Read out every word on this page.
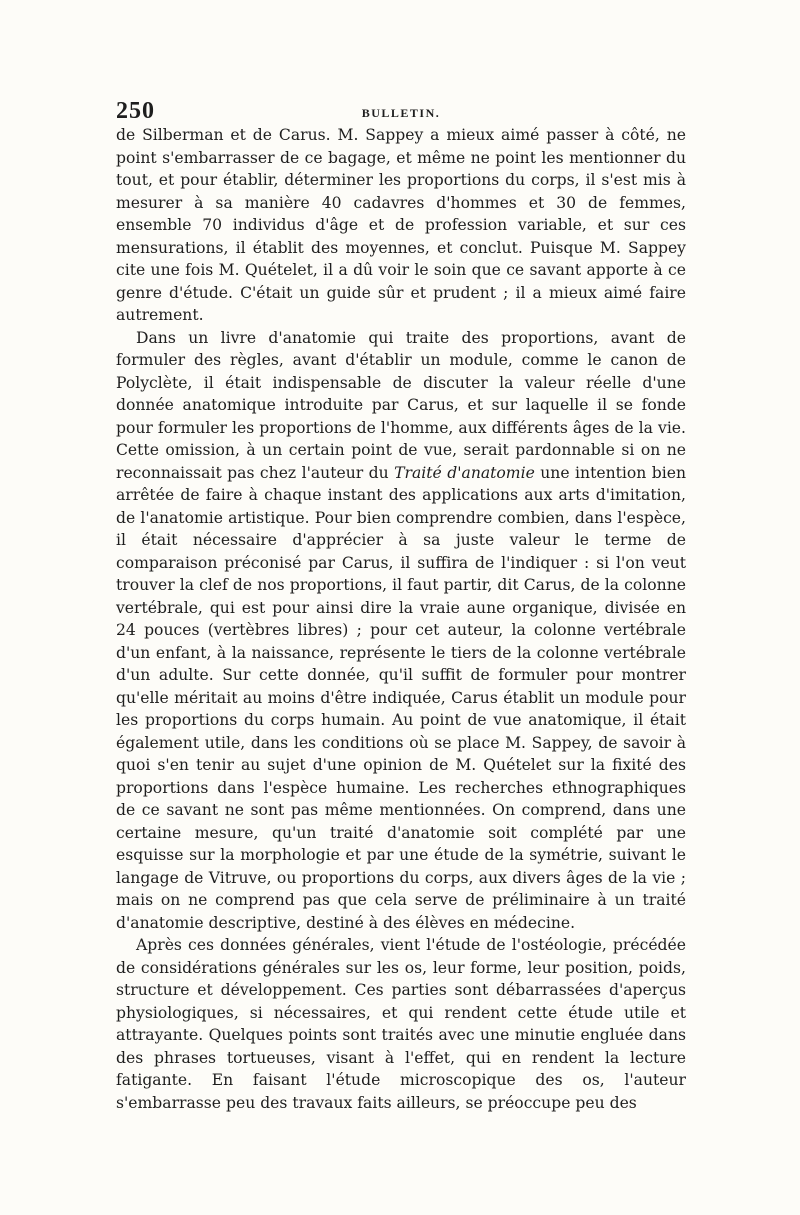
250	BULLETIN.

de Silberman et de Carus. M. Sappey a mieux aimé passer à côté, ne point s'embarrasser de ce bagage, et même ne point les mentionner du tout, et pour établir, déterminer les proportions du corps, il s'est mis à mesurer à sa manière 40 cadavres d'hommes et 30 de femmes, ensemble 70 individus d'âge et de profession variable, et sur ces mensurations, il établit des moyennes, et conclut. Puisque M. Sappey cite une fois M. Quételet, il a dû voir le soin que ce savant apporte à ce genre d'étude. C'était un guide sûr et prudent ; il a mieux aimé faire autrement.

Dans un livre d'anatomie qui traite des proportions, avant de formuler des règles, avant d'établir un module, comme le canon de Polyclète, il était indispensable de discuter la valeur réelle d'une donnée anatomique introduite par Carus, et sur laquelle il se fonde pour formuler les proportions de l'homme, aux différents âges de la vie. Cette omission, à un certain point de vue, serait pardonnable si on ne reconnaissait pas chez l'auteur du Traité d'anatomie une intention bien arrêtée de faire à chaque instant des applications aux arts d'imitation, de l'anatomie artistique. Pour bien comprendre combien, dans l'espèce, il était nécessaire d'apprécier à sa juste valeur le terme de comparaison préconisé par Carus, il suffira de l'indiquer : si l'on veut trouver la clef de nos proportions, il faut partir, dit Carus, de la colonne vertébrale, qui est pour ainsi dire la vraie aune organique, divisée en 24 pouces (vertèbres libres) ; pour cet auteur, la colonne vertébrale d'un enfant, à la naissance, représente le tiers de la colonne vertébrale d'un adulte. Sur cette donnée, qu'il suffit de formuler pour montrer qu'elle méritait au moins d'être indiquée, Carus établit un module pour les proportions du corps humain. Au point de vue anatomique, il était également utile, dans les conditions où se place M. Sappey, de savoir à quoi s'en tenir au sujet d'une opinion de M. Quételet sur la fixité des proportions dans l'espèce humaine. Les recherches ethnographiques de ce savant ne sont pas même mentionnées. On comprend, dans une certaine mesure, qu'un traité d'anatomie soit complété par une esquisse sur la morphologie et par une étude de la symétrie, suivant le langage de Vitruve, ou proportions du corps, aux divers âges de la vie ; mais on ne comprend pas que cela serve de préliminaire à un traité d'anatomie descriptive, destiné à des élèves en médecine.

Après ces données générales, vient l'étude de l'ostéologie, précédée de considérations générales sur les os, leur forme, leur position, poids, structure et développement. Ces parties sont débarrassées d'aperçus physiologiques, si nécessaires, et qui rendent cette étude utile et attrayante. Quelques points sont traités avec une minutie engluée dans des phrases tortueuses, visant à l'effet, qui en rendent la lecture fatigante. En faisant l'étude microscopique des os, l'auteur s'embarrasse peu des travaux faits ailleurs, se préoccupe peu des
